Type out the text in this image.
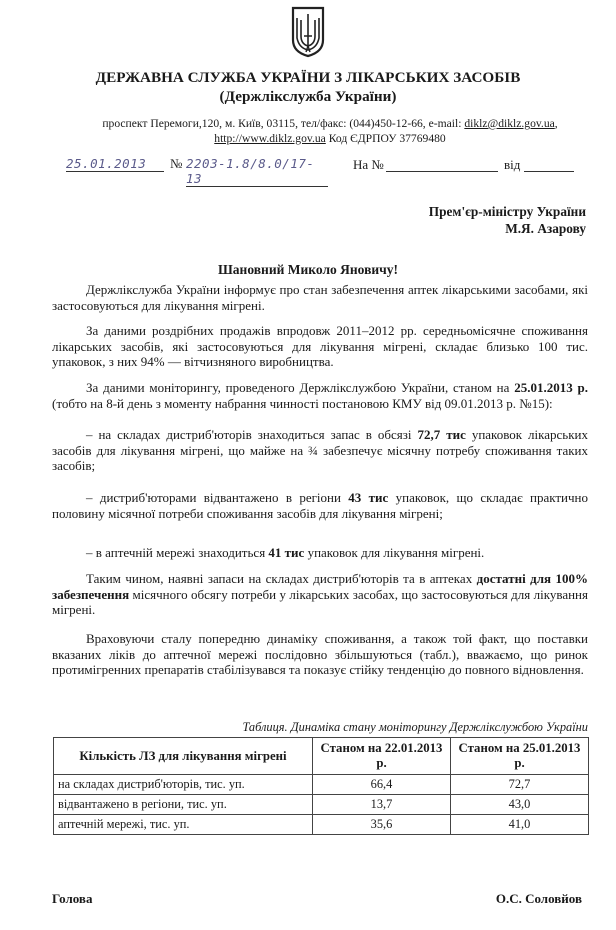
ДЕРЖАВНА СЛУЖБА УКРАЇНИ З ЛІКАРСЬКИХ ЗАСОБІВ
(Держлікслужба України)
проспект Перемоги,120, м. Київ, 03115, тел/факс: (044)450-12-66, e-mail: diklz@diklz.gov.ua,
http://www.diklz.gov.ua Код ЄДРПОУ 37769480
25.01.2013	№ 2203-1.8/8.0/17-13
На №	від
Прем'єр-міністру України
М.Я. Азарову
Шановний Миколо Яновичу!
Держлікслужба України інформує про стан забезпечення аптек лікарськими засобами, які застосовуються для лікування мігрені.
За даними роздрібних продажів впродовж 2011–2012 рр. середньомісячне споживання лікарських засобів, які застосовуються для лікування мігрені, складає близько 100 тис. упаковок, з них 94% — вітчизняного виробництва.
За даними моніторингу, проведеного Держлікслужбою України, станом на 25.01.2013 р. (тобто на 8-й день з моменту набрання чинності постановою КМУ від 09.01.2013 р. №15):
– на складах дистриб'юторів знаходиться запас в обсязі 72,7 тис упаковок лікарських засобів для лікування мігрені, що майже на ¾ забезпечує місячну потребу споживання таких засобів;
– дистриб'юторами відвантажено в регіони 43 тис упаковок, що складає практично половину місячної потреби споживання засобів для лікування мігрені;
– в аптечній мережі знаходиться 41 тис упаковок для лікування мігрені.
Таким чином, наявні запаси на складах дистриб'юторів та в аптеках достатні для 100% забезпечення місячного обсягу потреби у лікарських засобах, що застосовуються для лікування мігрені.
Враховуючи сталу попередню динаміку споживання, а також той факт, що поставки вказаних ліків до аптечної мережі послідовно збільшуються (табл.), вважаємо, що ринок протимігренних препаратів стабілізувався та показує стійку тенденцію до повного відновлення.
Таблиця. Динаміка стану моніторингу Держлікслужбою України
Кількість ЛЗ для лікування мігрені	Станом на 22.01.2013 р.	Станом на 25.01.2013 р.
на складах дистриб'юторів, тис. уп.	66,4	72,7
відвантажено в регіони, тис. уп.	13,7	43,0
аптечній мережі, тис. уп.	35,6	41,0
Голова	О.С. Соловйов
